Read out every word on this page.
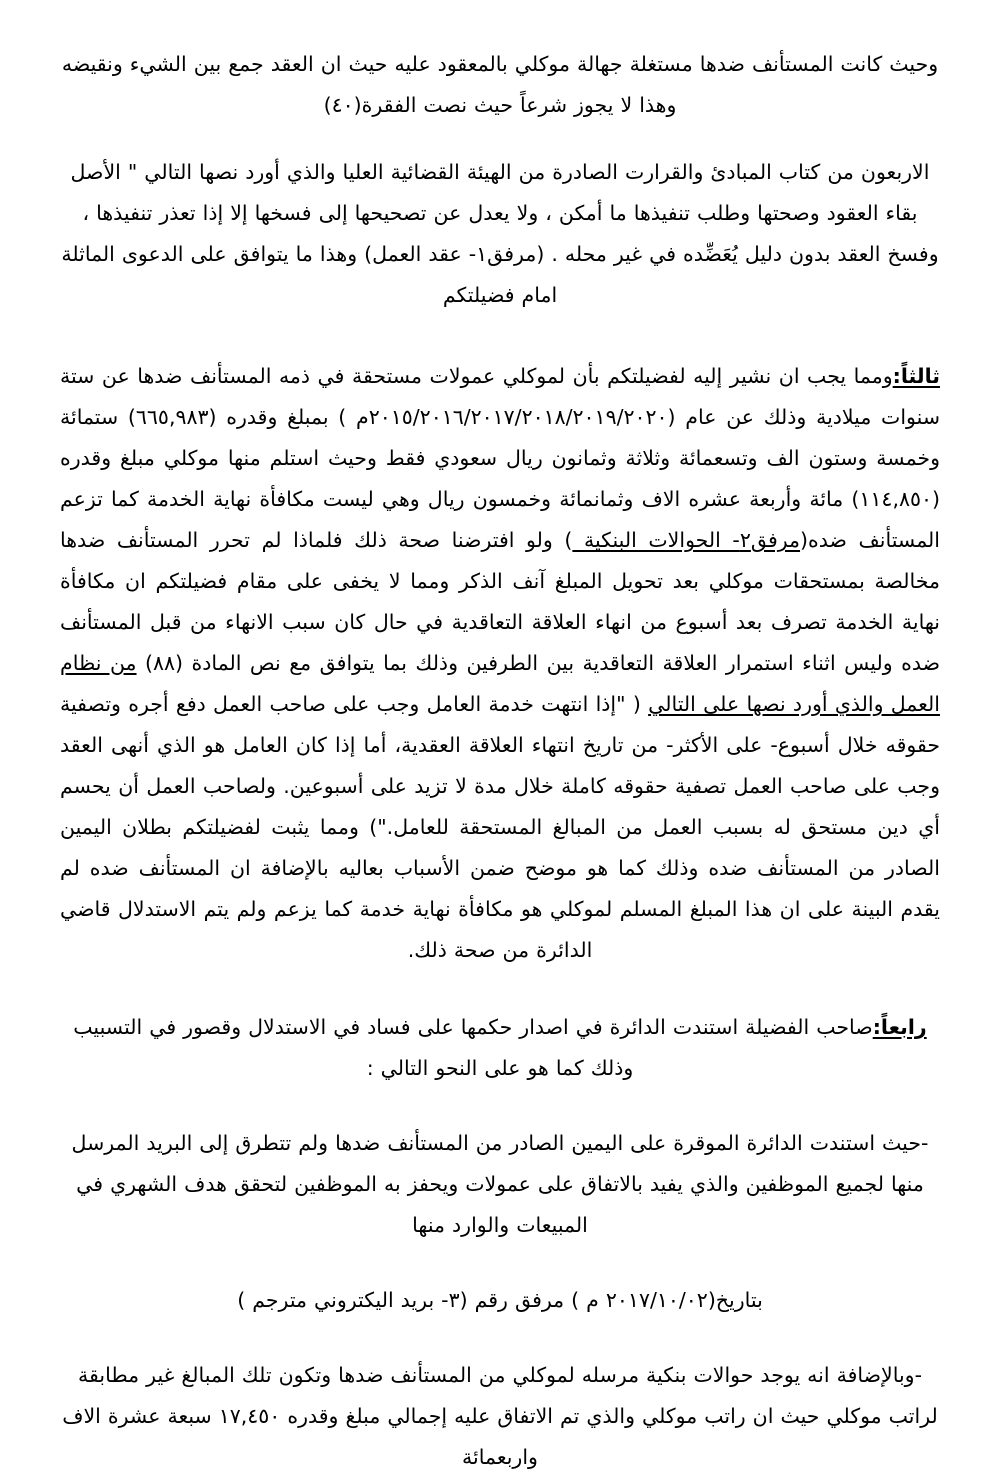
وحيث كانت المستأنف ضدها مستغلة جهالة موكلي بالمعقود عليه حيث ان العقد جمع بين الشيء ونقيضه وهذا لا يجوز شرعاً حيث نصت الفقرة(٤٠)

الاربعون من كتاب المبادئ والقرارت الصادرة من الهيئة القضائية العليا والذي أورد نصها التالي " الأصل بقاء العقود وصحتها وطلب تنفيذها ما أمكن ، ولا يعدل عن تصحيحها إلى فسخها إلا إذا تعذر تنفيذها ، وفسخ العقد بدون دليل يُعَضِّده في غير محله . (مرفق١- عقد العمل) وهذا ما يتوافق على الدعوى الماثلة امام فضيلتكم

ثالثاً:ومما يجب ان نشير إليه لفضيلتكم بأن لموكلي عمولات مستحقة في ذمه المستأنف ضدها عن ستة سنوات ميلادية وذلك عن عام (٢٠١٥/٢٠١٦/٢٠١٧/٢٠١٨/٢٠١٩/٢٠٢٠م ) بمبلغ وقدره (٦٦٥,٩٨٣) ستمائة وخمسة وستون الف وتسعمائة وثلاثة وثمانون ريال سعودي فقط وحيث استلم منها موكلي مبلغ وقدره (١١٤,٨٥٠) مائة وأربعة عشره الاف وثمانمائة وخمسون ريال وهي ليست مكافأة نهاية الخدمة كما تزعم المستأنف ضده(مرفق٢- الحوالات البنكية ) ولو افترضنا صحة ذلك فلماذا لم تحرر المستأنف ضدها مخالصة بمستحقات موكلي بعد تحويل المبلغ آنف الذكر ومما لا يخفى على مقام فضيلتكم ان مكافأة نهاية الخدمة تصرف بعد أسبوع من انهاء العلاقة التعاقدية في حال كان سبب الانهاء من قبل المستأنف ضده وليس اثناء استمرار العلاقة التعاقدية بين الطرفين وذلك بما يتوافق مع نص المادة (٨٨) من نظام العمل والذي أورد نصها على التالي ( "إذا انتهت خدمة العامل وجب على صاحب العمل دفع أجره وتصفية حقوقه خلال أسبوع- على الأكثر- من تاريخ انتهاء العلاقة العقدية، أما إذا كان العامل هو الذي أنهى العقد وجب على صاحب العمل تصفية حقوقه كاملة خلال مدة لا تزيد على أسبوعين. ولصاحب العمل أن يحسم أي دين مستحق له بسبب العمل من المبالغ المستحقة للعامل.") ومما يثبت لفضيلتكم بطلان اليمين الصادر من المستأنف ضده وذلك كما هو موضح ضمن الأسباب بعاليه بالإضافة ان المستأنف ضده لم يقدم البينة على ان هذا المبلغ المسلم لموكلي هو مكافأة نهاية خدمة كما يزعم ولم يتم الاستدلال قاضي الدائرة من صحة ذلك.

رابعاً:صاحب الفضيلة استندت الدائرة في اصدار حكمها على فساد في الاستدلال وقصور في التسبيب وذلك كما هو على النحو التالي :

-حيث استندت الدائرة الموقرة على اليمين الصادر من المستأنف ضدها ولم تتطرق إلى البريد المرسل منها لجميع الموظفين والذي يفيد بالاتفاق على عمولات ويحفز به الموظفين لتحقق هدف الشهري في المبيعات والوارد منها

بتاريخ(٢٠١٧/١٠/٠٢ م ) مرفق رقم (٣- بريد اليكتروني مترجم )

-وبالإضافة انه يوجد حوالات بنكية مرسله لموكلي من المستأنف ضدها وتكون تلك المبالغ غير مطابقة لراتب موكلي حيث ان راتب موكلي والذي تم الاتفاق عليه إجمالي مبلغ وقدره ١٧,٤٥٠ سبعة عشرة الاف واربعمائة
